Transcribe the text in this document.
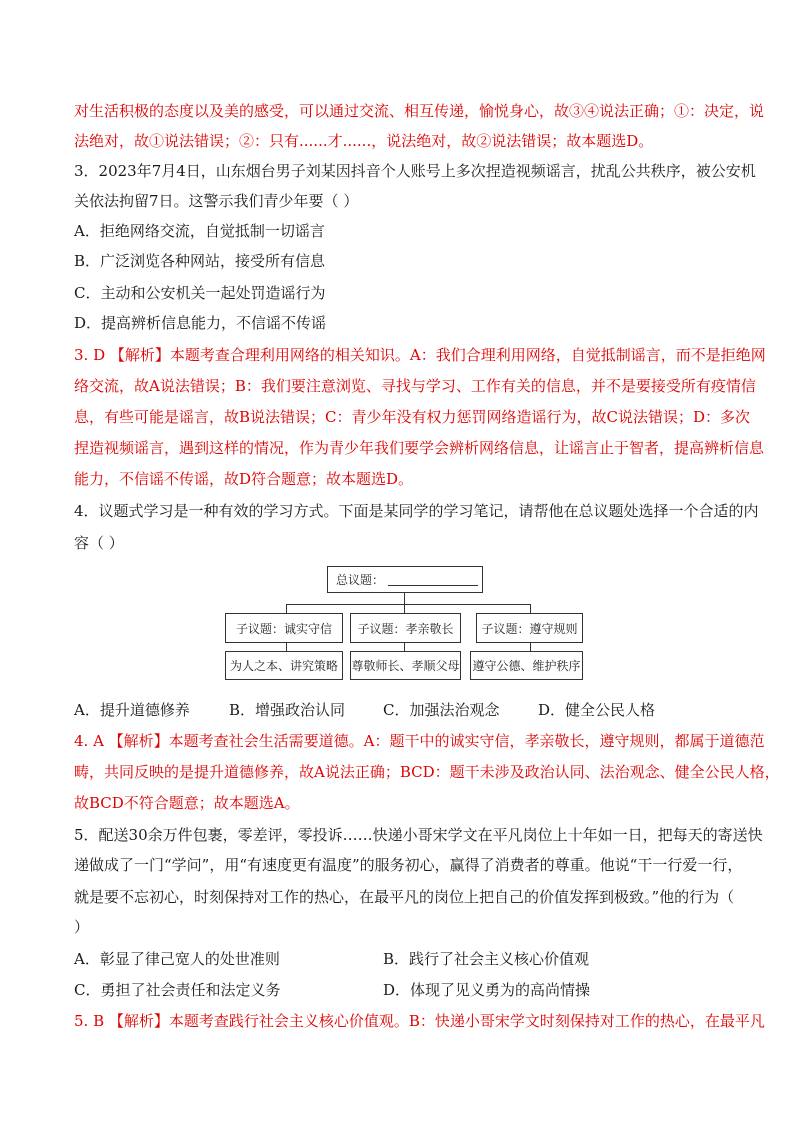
对生活积极的态度以及美的感受，可以通过交流、相互传递，愉悦身心，故③④说法正确；①：决定，说
法绝对，故①说法错误；②：只有......才......，说法绝对，故②说法错误；故本题选D。
3．2023年7月4日，山东烟台男子刘某因抖音个人账号上多次捏造视频谣言，扰乱公共秩序，被公安机
关依法拘留7日。这警示我们青少年要（ ）
A．拒绝网络交流，自觉抵制一切谣言
B．广泛浏览各种网站，接受所有信息
C．主动和公安机关一起处罚造谣行为
D．提高辨析信息能力，不信谣不传谣
3. D 【解析】本题考查合理利用网络的相关知识。A：我们合理利用网络，自觉抵制谣言，而不是拒绝网
络交流，故A说法错误；B：我们要注意浏览、寻找与学习、工作有关的信息，并不是要接受所有疫情信
息，有些可能是谣言，故B说法错误；C：青少年没有权力惩罚网络造谣行为，故C说法错误；D：多次
捏造视频谣言，遇到这样的情况，作为青少年我们要学会辨析网络信息，让谣言止于智者，提高辨析信息
能力，不信谣不传谣，故D符合题意；故本题选D。
4．议题式学习是一种有效的学习方式。下面是某同学的学习笔记，请帮他在总议题处选择一个合适的内
容（ ）
总议题：
子议题：诚实守信 子议题：孝亲敬长 子议题：遵守规则
为人之本、讲究策略 尊敬师长、孝顺父母 遵守公德、维护秩序
A．提升道德修养	B．增强政治认同	C．加强法治观念	D．健全公民人格
4. A 【解析】本题考查社会生活需要道德。A：题干中的诚实守信，孝亲敬长，遵守规则，都属于道德范
畴，共同反映的是提升道德修养，故A说法正确；BCD：题干未涉及政治认同、法治观念、健全公民人格，
故BCD不符合题意；故本题选A。
5．配送30余万件包裹，零差评，零投诉……快递小哥宋学文在平凡岗位上十年如一日，把每天的寄送快
递做成了一门“学问”，用“有速度更有温度”的服务初心，赢得了消费者的尊重。他说“干一行爱一行，
就是要不忘初心，时刻保持对工作的热心，在最平凡的岗位上把自己的价值发挥到极致。”他的行为（
）
A．彰显了律己宽人的处世准则	B．践行了社会主义核心价值观
C．勇担了社会责任和法定义务	D．体现了见义勇为的高尚情操
5. B 【解析】本题考查践行社会主义核心价值观。B：快递小哥宋学文时刻保持对工作的热心，在最平凡
